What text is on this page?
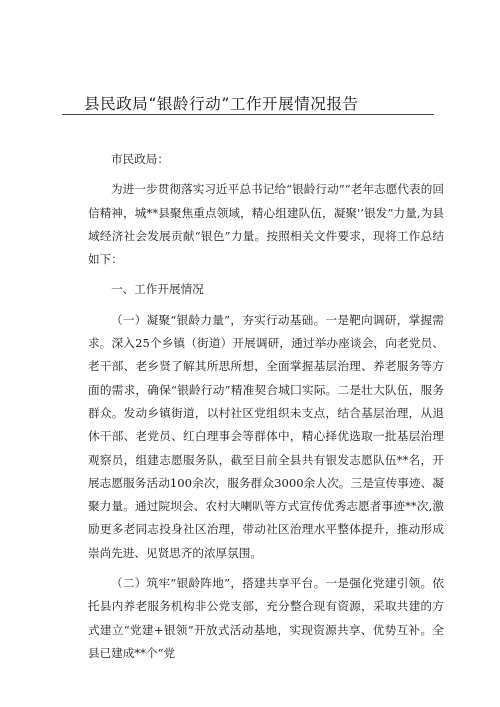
县民政局“银龄行动”工作开展情况报告

市民政局：

为进一步贯彻落实习近平总书记给“银龄行动”“老年志愿代表的回信精神，城**县聚焦重点领域，精心组建队伍，凝聚'’银发”力量,为县域经济社会发展贡献“银色”力量。按照相关文件要求，现将工作总结如下：

一、工作开展情况

（一）凝聚“银龄力量”，夯实行动基础。一是靶向调研，掌握需求。深入25个乡镇（街道）开展调研，通过举办座谈会，向老党员、老干部、老乡贤了解其所思所想，全面掌握基层治理、养老服务等方面的需求，确保“银龄行动”精准契合城囗实际。二是壮大队伍，服务群众。发动乡镇街道，以村社区党组织未支点，结合基层治理，从退休干部、老党员、红白理事会等群体中，精心择优选取一批基层治理观察员，组建志愿服务队，截至目前全县共有银发志愿队伍**名，开展志愿服务活动100余次，服务群众3000余人次。三是宣传事迹、凝聚力量。通过院坝会、农村大喇叭等方式宣传优秀志愿者事迹**次,激励更多老同志投身社区治理，带动社区治理水平整体提升，推动形成崇尚先进、见贤思齐的浓厚氛围。

（二）筑牢“银龄阵地”，搭建共享平台。一是强化党建引领。依托县内养老服务机构非公党支部，充分整合现有资源，采取共建的方式建立“党建+银领”开放式活动基地，实现资源共享、优势互补。全县已建成**个“党
